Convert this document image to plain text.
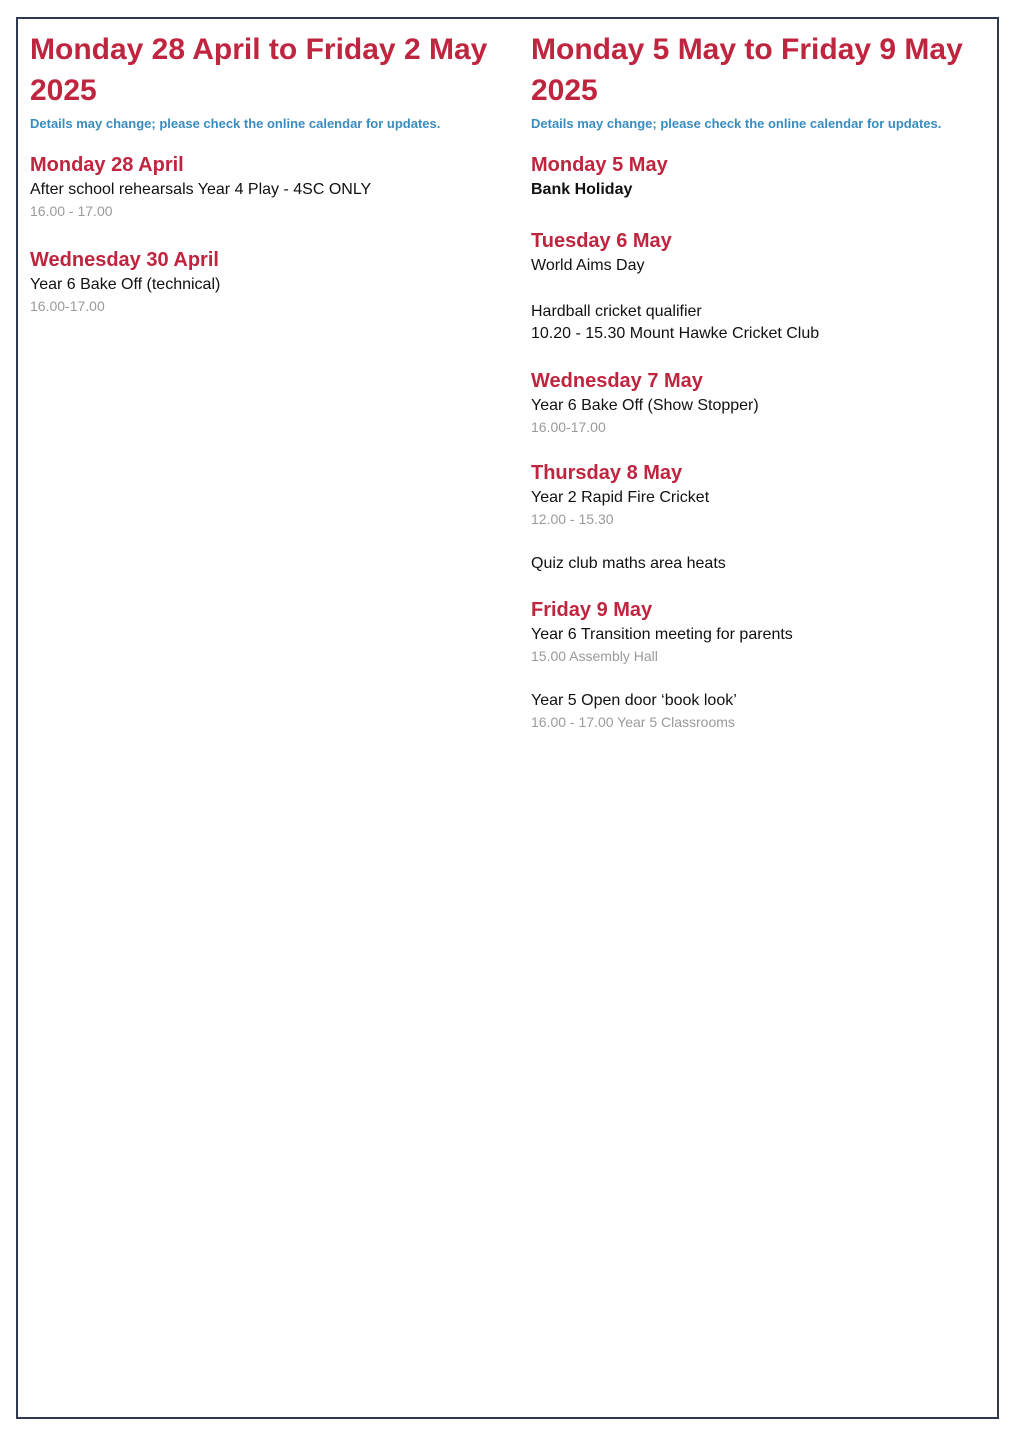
Monday 28 April to Friday 2 May 2025

Details may change; please check the online calendar for updates.

Monday 28 April
After school rehearsals Year 4 Play - 4SC ONLY
16.00 - 17.00
Wednesday 30 April
Year 6 Bake Off (technical)
16.00-17.00
Monday 5 May to Friday 9 May 2025

Details may change; please check the online calendar for updates.

Monday 5 May
Bank Holiday
Tuesday 6 May
World Aims Day
Hardball cricket qualifier
10.20 - 15.30 Mount Hawke Cricket Club
Wednesday 7 May
Year 6 Bake Off (Show Stopper)
16.00-17.00
Thursday 8 May
Year 2 Rapid Fire Cricket
12.00 - 15.30
Quiz club maths area heats
Friday 9 May
Year 6 Transition meeting for parents
15.00 Assembly Hall
Year 5 Open door ‘book look’
16.00 - 17.00 Year 5 Classrooms
